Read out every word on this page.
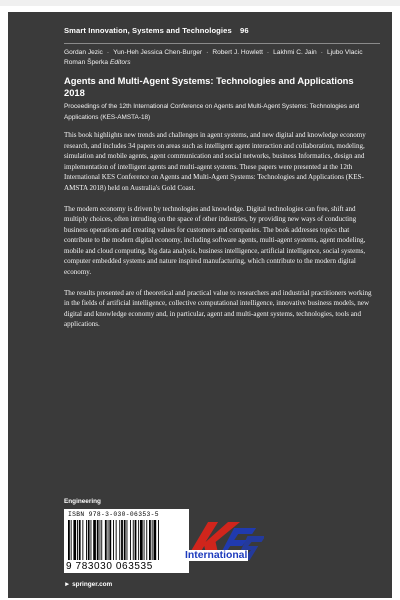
Smart Innovation, Systems and Technologies 96
Gordan Jezic · Yun-Heh Jessica Chen-Burger · Robert J. Howlett · Lakhmi C. Jain · Ljubo Vlacic
Roman Šperka Editors
Agents and Multi-Agent Systems: Technologies and Applications 2018
Proceedings of the 12th International Conference on Agents and Multi-Agent Systems: Technologies and Applications (KES-AMSTA-18)

This book highlights new trends and challenges in agent systems, and new digital and knowledge economy research, and includes 34 papers on areas such as intelligent agent interaction and collaboration, modeling, simulation and mobile agents, agent communication and social networks, business Informatics, design and implementation of intelligent agents and multi-agent systems. These papers were presented at the 12th International KES Conference on Agents and Multi-Agent Systems: Technologies and Applications (KES-AMSTA 2018) held on Australia's Gold Coast.

The modern economy is driven by technologies and knowledge. Digital technologies can free, shift and multiply choices, often intruding on the space of other industries, by providing new ways of conducting business operations and creating values for customers and companies. The book addresses topics that contribute to the modern digital economy, including software agents, multi-agent systems, agent modeling, mobile and cloud computing, big data analysis, business intelligence, artificial intelligence, social systems, computer embedded systems and nature inspired manufacturing, which contribute to the modern digital economy.

The results presented are of theoretical and practical value to researchers and industrial practitioners working in the fields of artificial intelligence, collective computational intelligence, innovative business models, new digital and knowledge economy and, in particular, agent and multi-agent systems, technologies, tools and applications.

Engineering
ISBN 978-3-030-06353-5
9 783030 063535
► springer.com
International
